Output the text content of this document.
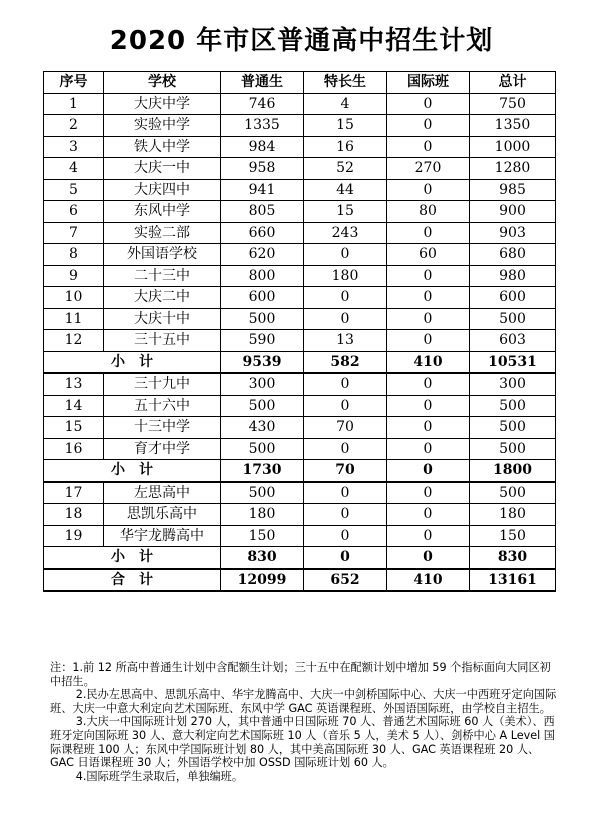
2020 年市区普通高中招生计划
序号	学校	普通生	特长生	国际班	总计
1	大庆中学	746	4	0	750
2	实验中学	1335	15	0	1350
3	铁人中学	984	16	0	1000
4	大庆一中	958	52	270	1280
5	大庆四中	941	44	0	985
6	东风中学	805	15	80	900
7	实验二部	660	243	0	903
8	外国语学校	620	0	60	680
9	二十三中	800	180	0	980
10	大庆二中	600	0	0	600
11	大庆十中	500	0	0	500
12	三十五中	590	13	0	603
小　计		9539	582	410	10531
13	三十九中	300	0	0	300
14	五十六中	500	0	0	500
15	十三中学	430	70	0	500
16	育才中学	500	0	0	500
小　计		1730	70	0	1800
17	左思高中	500	0	0	500
18	思凯乐高中	180	0	0	180
19	华宇龙腾高中	150	0	0	150
小　计		830	0	0	830
合　计		12099	652	410	13161

注：1.前 12 所高中普通生计划中含配额生计划；三十五中在配额计划中增加 59 个指标面向大同区初中招生。

2.民办左思高中、思凯乐高中、华宇龙腾高中、大庆一中剑桥国际中心、大庆一中西班牙定向国际班、大庆一中意大利定向艺术国际班、东风中学 GAC 英语课程班、外国语国际班，由学校自主招生。

3.大庆一中国际班计划 270 人，其中普通中日国际班 70 人、普通艺术国际班 60 人（美术）、西班牙定向国际班 30 人、意大利定向艺术国际班 10 人（音乐 5 人，美术 5 人）、剑桥中心 A Level 国际课程班 100 人；东风中学国际班计划 80 人，其中美高国际班 30 人、GAC 英语课程班 20 人、GAC 日语课程班 30 人；外国语学校中加 OSSD 国际班计划 60 人。

4.国际班学生录取后，单独编班。
